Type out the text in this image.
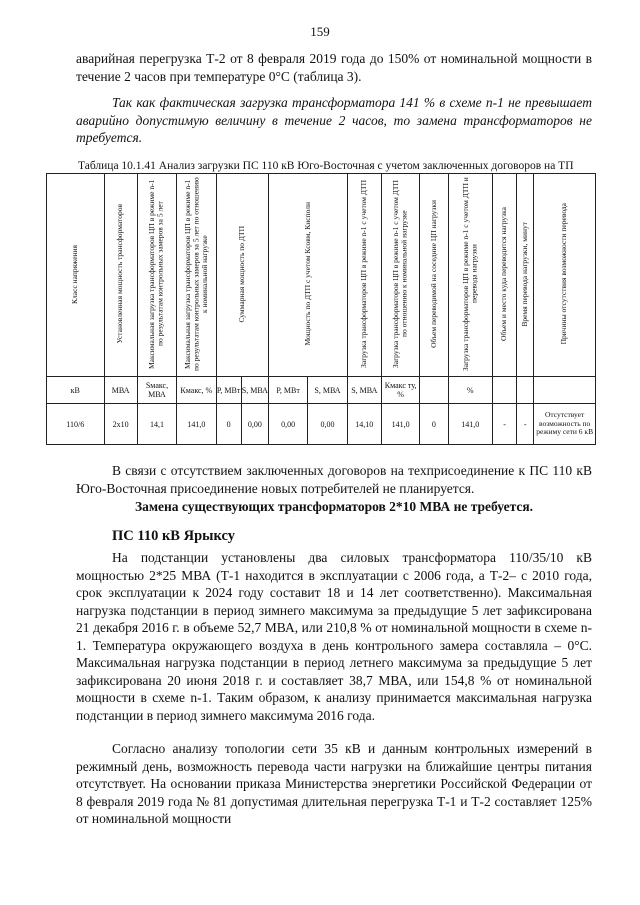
159

аварийная перегрузка Т-2 от 8 февраля 2019 года до 150% от номинальной мощности в течение 2 часов при температуре 0°С (таблица 3).

Так как фактическая загрузка трансформатора 141 % в схеме n-1 не превышает аварийно допустимую величину в течение 2 часов, то замена трансформаторов не требуется.

Таблица 10.1.41 Анализ загрузки ПС 110 кВ Юго-Восточная с учетом заключенных договоров на ТП
Класс напряжения	Установленная мощность трансформаторов	Максимальная загрузка трансформаторов ЦП в режиме n-1 по результатам контрольных замеров за 5 лет	Максимальная загрузка трансформаторов ЦП в режиме n-1 по результатам контрольных замеров за 5 лет по отношению к номинальной нагрузке	Суммарная мощность по ДТП		Мощность по ДТП с учетом Ксовм, Кисполн		Загрузка трансформаторов ЦП в режиме n-1 с учетом ДТП	Загрузка трансформаторов ЦП в режиме n-1 с учетом ДТП по отношению к номинальной нагрузке	Объем переводимой на соседние ЦП нагрузки	Загрузка трансформаторов ЦП в режиме n-1 с учетом ДТП и перевода нагрузки	Объем и место куда переводится нагрузка	Время перевода нагрузки, минут	Причины отсутствия возможности перевода
кВ	МВА	Sмакс, МВА	Кмакс, %	Р, МВт	S, МВА	Р, МВт	S, МВА	S, МВА	Кмакс ту, %		%			
110/6	2х10	14,1	141,0	0	0,00	0,00	0,00	14,10	141,0	0	141,0	-	-	Отсутствует возможность по режиму сети 6 кВ

В связи с отсутствием заключенных договоров на техприсоединение к ПС 110 кВ Юго-Восточная присоединение новых потребителей не планируется.

Замена существующих трансформаторов 2*10 МВА не требуется.

ПС 110 кВ Ярыксу

На подстанции установлены два силовых трансформатора 110/35/10 кВ мощностью 2*25 МВА (Т-1 находится в эксплуатации с 2006 года, а Т-2– с 2010 года, срок эксплуатации к 2024 году составит 18 и 14 лет соответственно). Максимальная нагрузка подстанции в период зимнего максимума за предыдущие 5 лет зафиксирована 21 декабря 2016 г. в объеме 52,7 МВА, или 210,8 % от номинальной мощности в схеме n-1. Температура окружающего воздуха в день контрольного замера составляла – 0°С. Максимальная нагрузка подстанции в период летнего максимума за предыдущие 5 лет зафиксирована 20 июня 2018 г. и составляет 38,7 МВА, или 154,8 % от номинальной мощности в схеме n-1. Таким образом, к анализу принимается максимальная нагрузка подстанции в период зимнего максимума 2016 года.

Согласно анализу топологии сети 35 кВ и данным контрольных измерений в режимный день, возможность перевода части нагрузки на ближайшие центры питания отсутствует. На основании приказа Министерства энергетики Российской Федерации от 8 февраля 2019 года № 81 допустимая длительная перегрузка Т-1 и Т-2 составляет 125% от номинальной мощности
